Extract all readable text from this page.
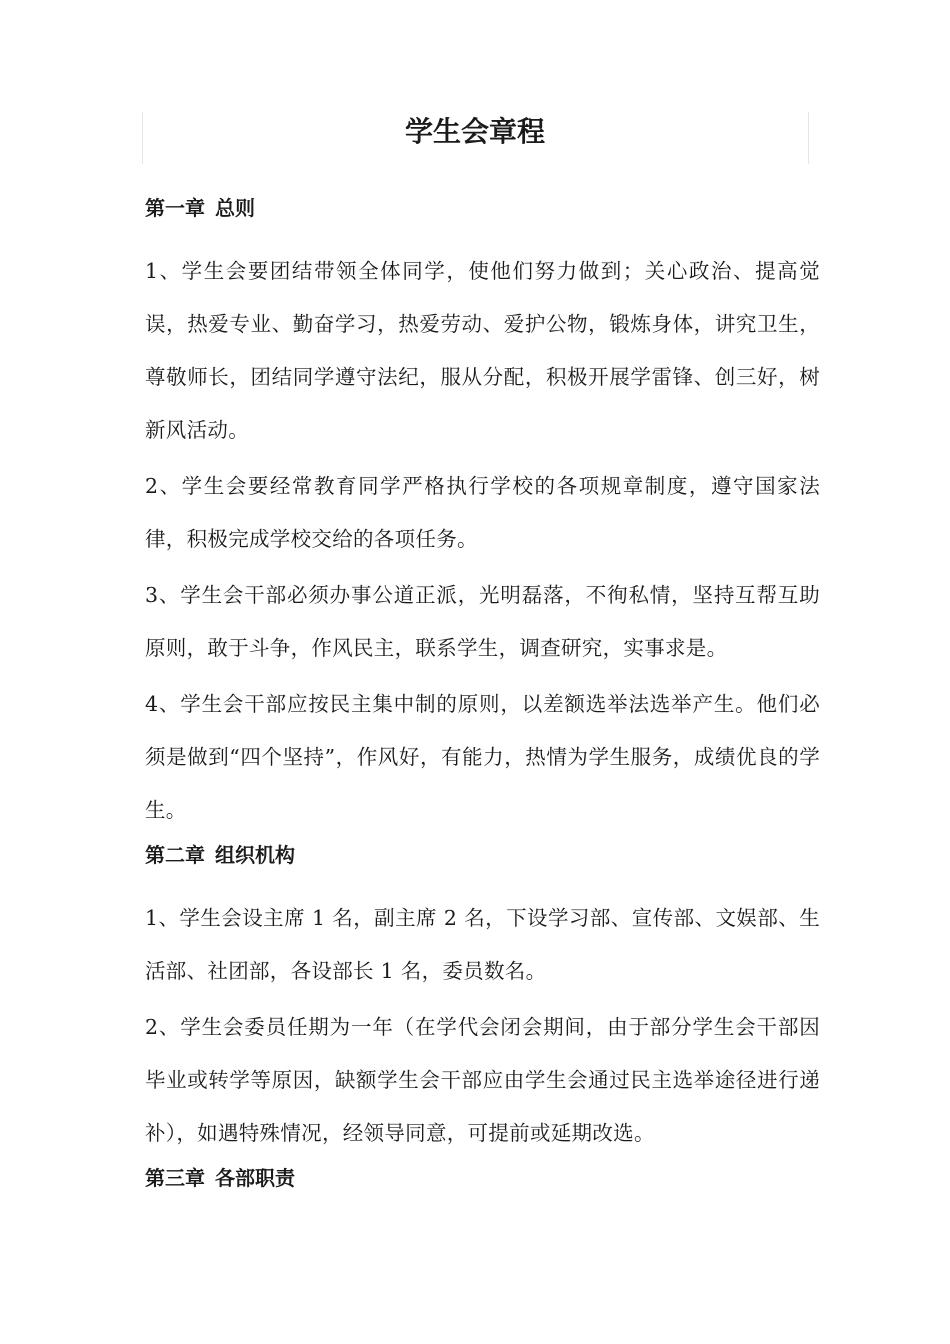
学生会章程
第一章 总则

1、学生会要团结带领全体同学，使他们努力做到；关心政治、提高觉误，热爱专业、勤奋学习，热爱劳动、爱护公物，锻炼身体，讲究卫生，尊敬师长，团结同学遵守法纪，服从分配，积极开展学雷锋、创三好，树新风活动。

2、学生会要经常教育同学严格执行学校的各项规章制度，遵守国家法律，积极完成学校交给的各项任务。

3、学生会干部必须办事公道正派，光明磊落，不徇私情，坚持互帮互助原则，敢于斗争，作风民主，联系学生，调查研究，实事求是。

4、学生会干部应按民主集中制的原则，以差额选举法选举产生。他们必须是做到“四个坚持”，作风好，有能力，热情为学生服务，成绩优良的学生。

第二章 组织机构

1、学生会设主席 1 名，副主席 2 名，下设学习部、宣传部、文娱部、生活部、社团部，各设部长 1 名，委员数名。

2、学生会委员任期为一年（在学代会闭会期间，由于部分学生会干部因毕业或转学等原因，缺额学生会干部应由学生会通过民主选举途径进行递补），如遇特殊情况，经领导同意，可提前或延期改选。

第三章 各部职责
